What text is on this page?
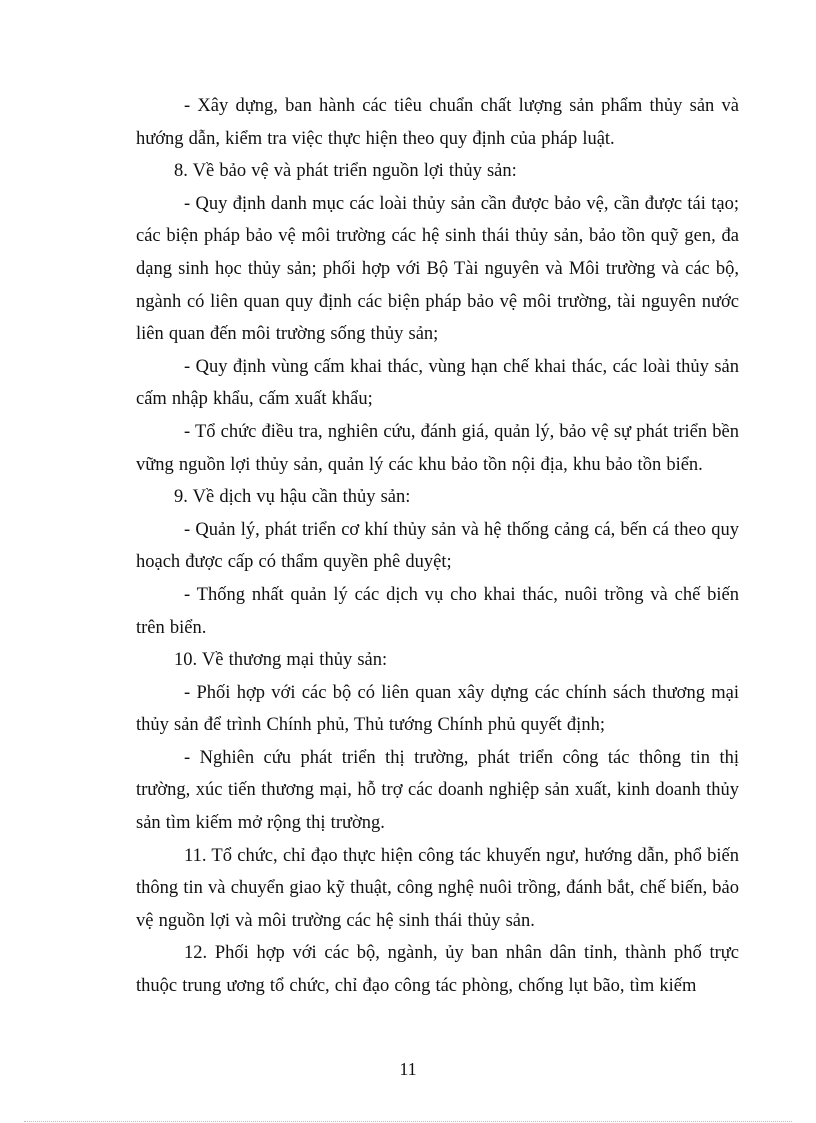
- Xây dựng, ban hành các tiêu chuẩn chất lượng sản phẩm thủy sản và hướng dẫn, kiểm tra việc thực hiện theo quy định của pháp luật.

8. Về bảo vệ và phát triển nguồn lợi thủy sản:

- Quy định danh mục các loài thủy sản cần được bảo vệ, cần được tái tạo; các biện pháp bảo vệ môi trường các hệ sinh thái thủy sản, bảo tồn quỹ gen, đa dạng sinh học thủy sản; phối hợp với Bộ Tài nguyên và Môi trường và các bộ, ngành có liên quan quy định các biện pháp bảo vệ môi trường, tài nguyên nước liên quan đến môi trường sống thủy sản;

- Quy định vùng cấm khai thác, vùng hạn chế khai thác, các loài thủy sản cấm nhập khẩu, cấm xuất khẩu;

- Tổ chức điều tra, nghiên cứu, đánh giá, quản lý, bảo vệ sự phát triển bền vững nguồn lợi thủy sản, quản lý các khu bảo tồn nội địa, khu bảo tồn biển.

9. Về dịch vụ hậu cần thủy sản:

- Quản lý, phát triển cơ khí thủy sản và hệ thống cảng cá, bến cá theo quy hoạch được cấp có thẩm quyền phê duyệt;

- Thống nhất quản lý các dịch vụ cho khai thác, nuôi trồng và chế biến trên biển.

10. Về thương mại thủy sản:

- Phối hợp với các bộ có liên quan xây dựng các chính sách thương mại thủy sản để trình Chính phủ, Thủ tướng Chính phủ quyết định;

- Nghiên cứu phát triển thị trường, phát triển công tác thông tin thị trường, xúc tiến thương mại, hỗ trợ các doanh nghiệp sản xuất, kinh doanh thủy sản tìm kiếm mở rộng thị trường.

11. Tổ chức, chỉ đạo thực hiện công tác khuyến ngư, hướng dẫn, phổ biến thông tin và chuyển giao kỹ thuật, công nghệ nuôi trồng, đánh bắt, chế biến, bảo vệ nguồn lợi và môi trường các hệ sinh thái thủy sản.

12. Phối hợp với các bộ, ngành, ủy ban nhân dân tỉnh, thành phố trực thuộc trung ương tổ chức, chỉ đạo công tác phòng, chống lụt bão, tìm kiếm

11
